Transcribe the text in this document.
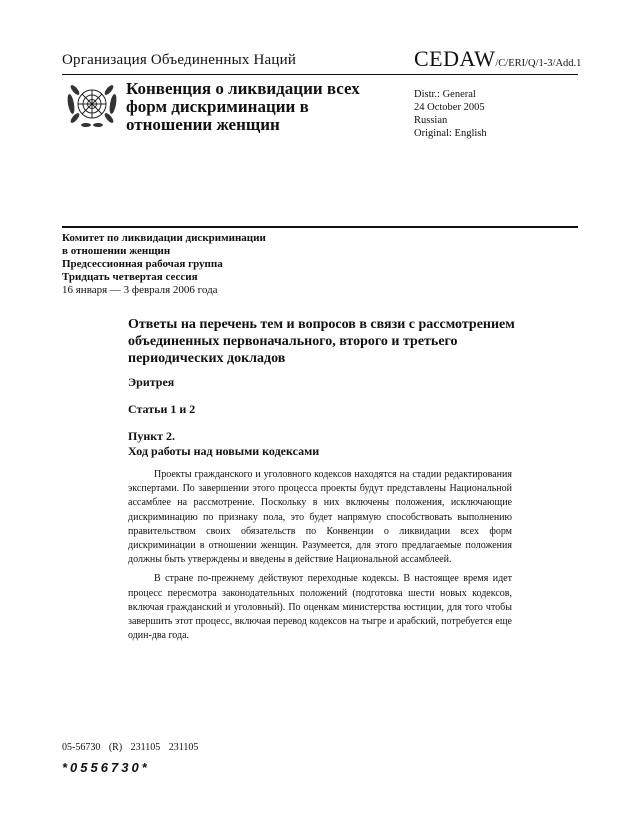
Организация Объединенных Наций	CEDAW/C/ERI/Q/1-3/Add.1
Конвенция о ликвидации всех форм дискриминации в отношении женщин
Distr.: General
24 October 2005
Russian
Original: English
Комитет по ликвидации дискриминации
в отношении женщин
Предсессионная рабочая группа
Тридцать четвертая сессия
16 января — 3 февраля 2006 года
Ответы на перечень тем и вопросов в связи с рассмотрением объединенных первоначального, второго и третьего периодических докладов
Эритрея
Статьи 1 и 2
Пункт 2.
Ход работы над новыми кодексами

Проекты гражданского и уголовного кодексов находятся на стадии редактирования экспертами. По завершении этого процесса проекты будут представлены Национальной ассамблее на рассмотрение. Поскольку в них включены положения, исключающие дискриминацию по признаку пола, это будет напрямую способствовать выполнению правительством своих обязательств по Конвенции о ликвидации всех форм дискриминации в отношении женщин. Разумеется, для этого предлагаемые положения должны быть утверждены и введены в действие Национальной ассамблеей.

В стране по-прежнему действуют переходные кодексы. В настоящее время идет процесс пересмотра законодательных положений (подготовка шести новых кодексов, включая гражданский и уголовный). По оценкам министерства юстиции, для того чтобы завершить этот процесс, включая перевод кодексов на тыгре и арабский, потребуется еще один-два года.

05-56730 (R) 231105 231105
*0556730*
